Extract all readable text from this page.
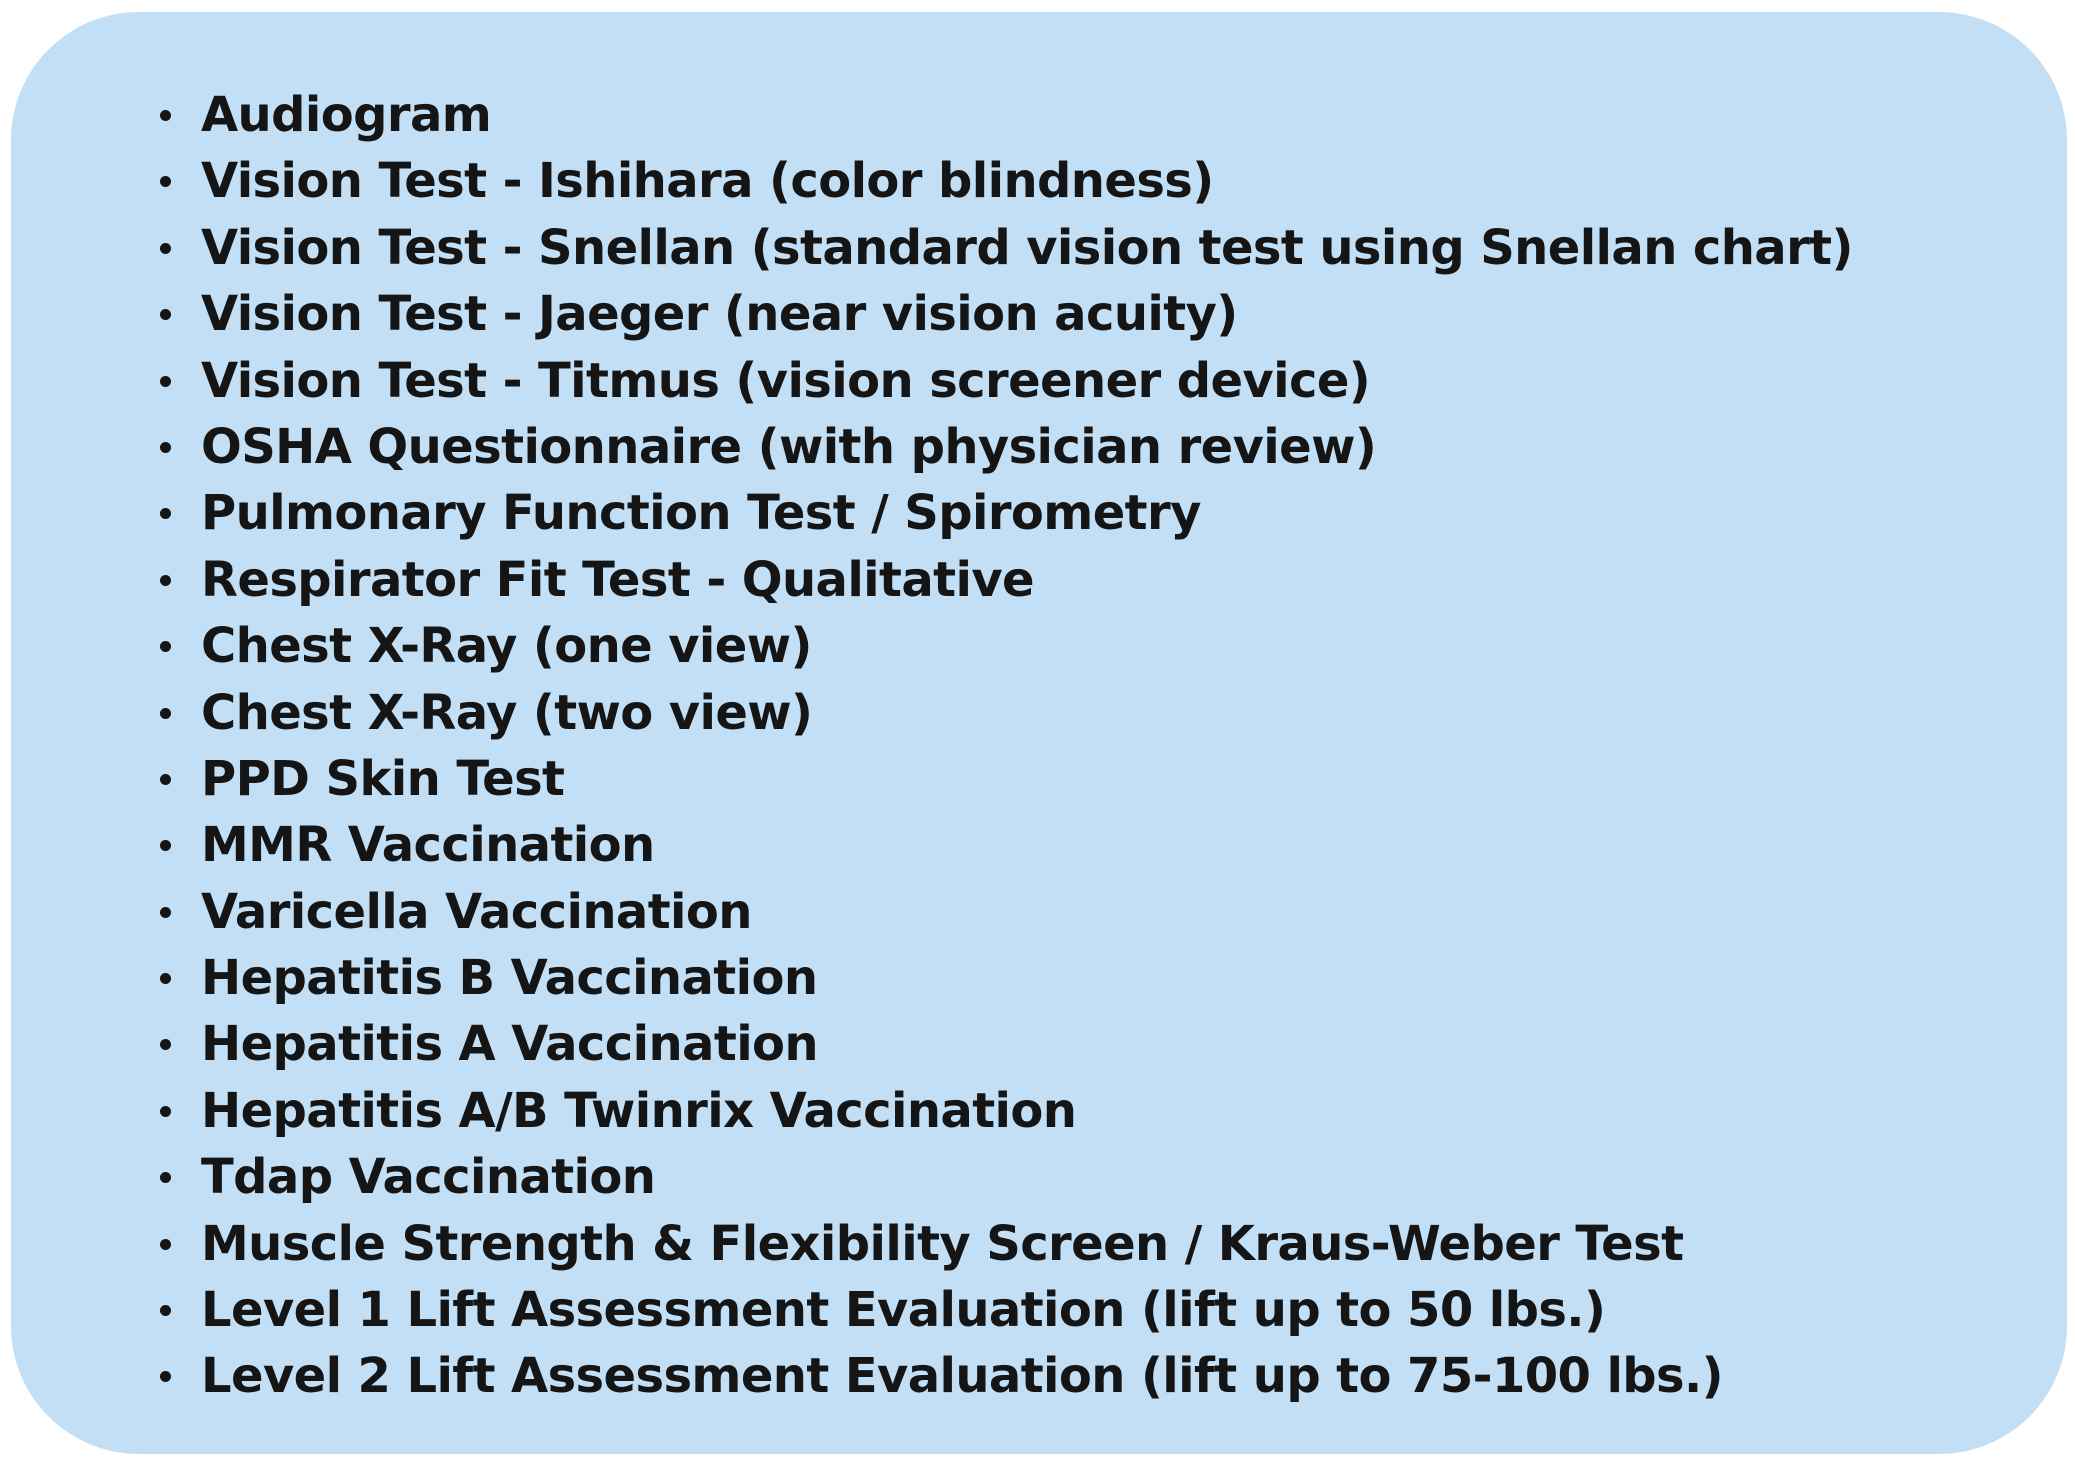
Audiogram
Vision Test - Ishihara (color blindness)
Vision Test - Snellan (standard vision test using Snellan chart)
Vision Test - Jaeger (near vision acuity)
Vision Test - Titmus (vision screener device)
OSHA Questionnaire (with physician review)
Pulmonary Function Test / Spirometry
Respirator Fit Test - Qualitative
Chest X-Ray (one view)
Chest X-Ray (two view)
PPD Skin Test
MMR Vaccination
Varicella Vaccination
Hepatitis B Vaccination
Hepatitis A Vaccination
Hepatitis A/B Twinrix Vaccination
Tdap Vaccination
Muscle Strength & Flexibility Screen / Kraus-Weber Test
Level 1 Lift Assessment Evaluation (lift up to 50 lbs.)
Level 2 Lift Assessment Evaluation (lift up to 75-100 lbs.)
